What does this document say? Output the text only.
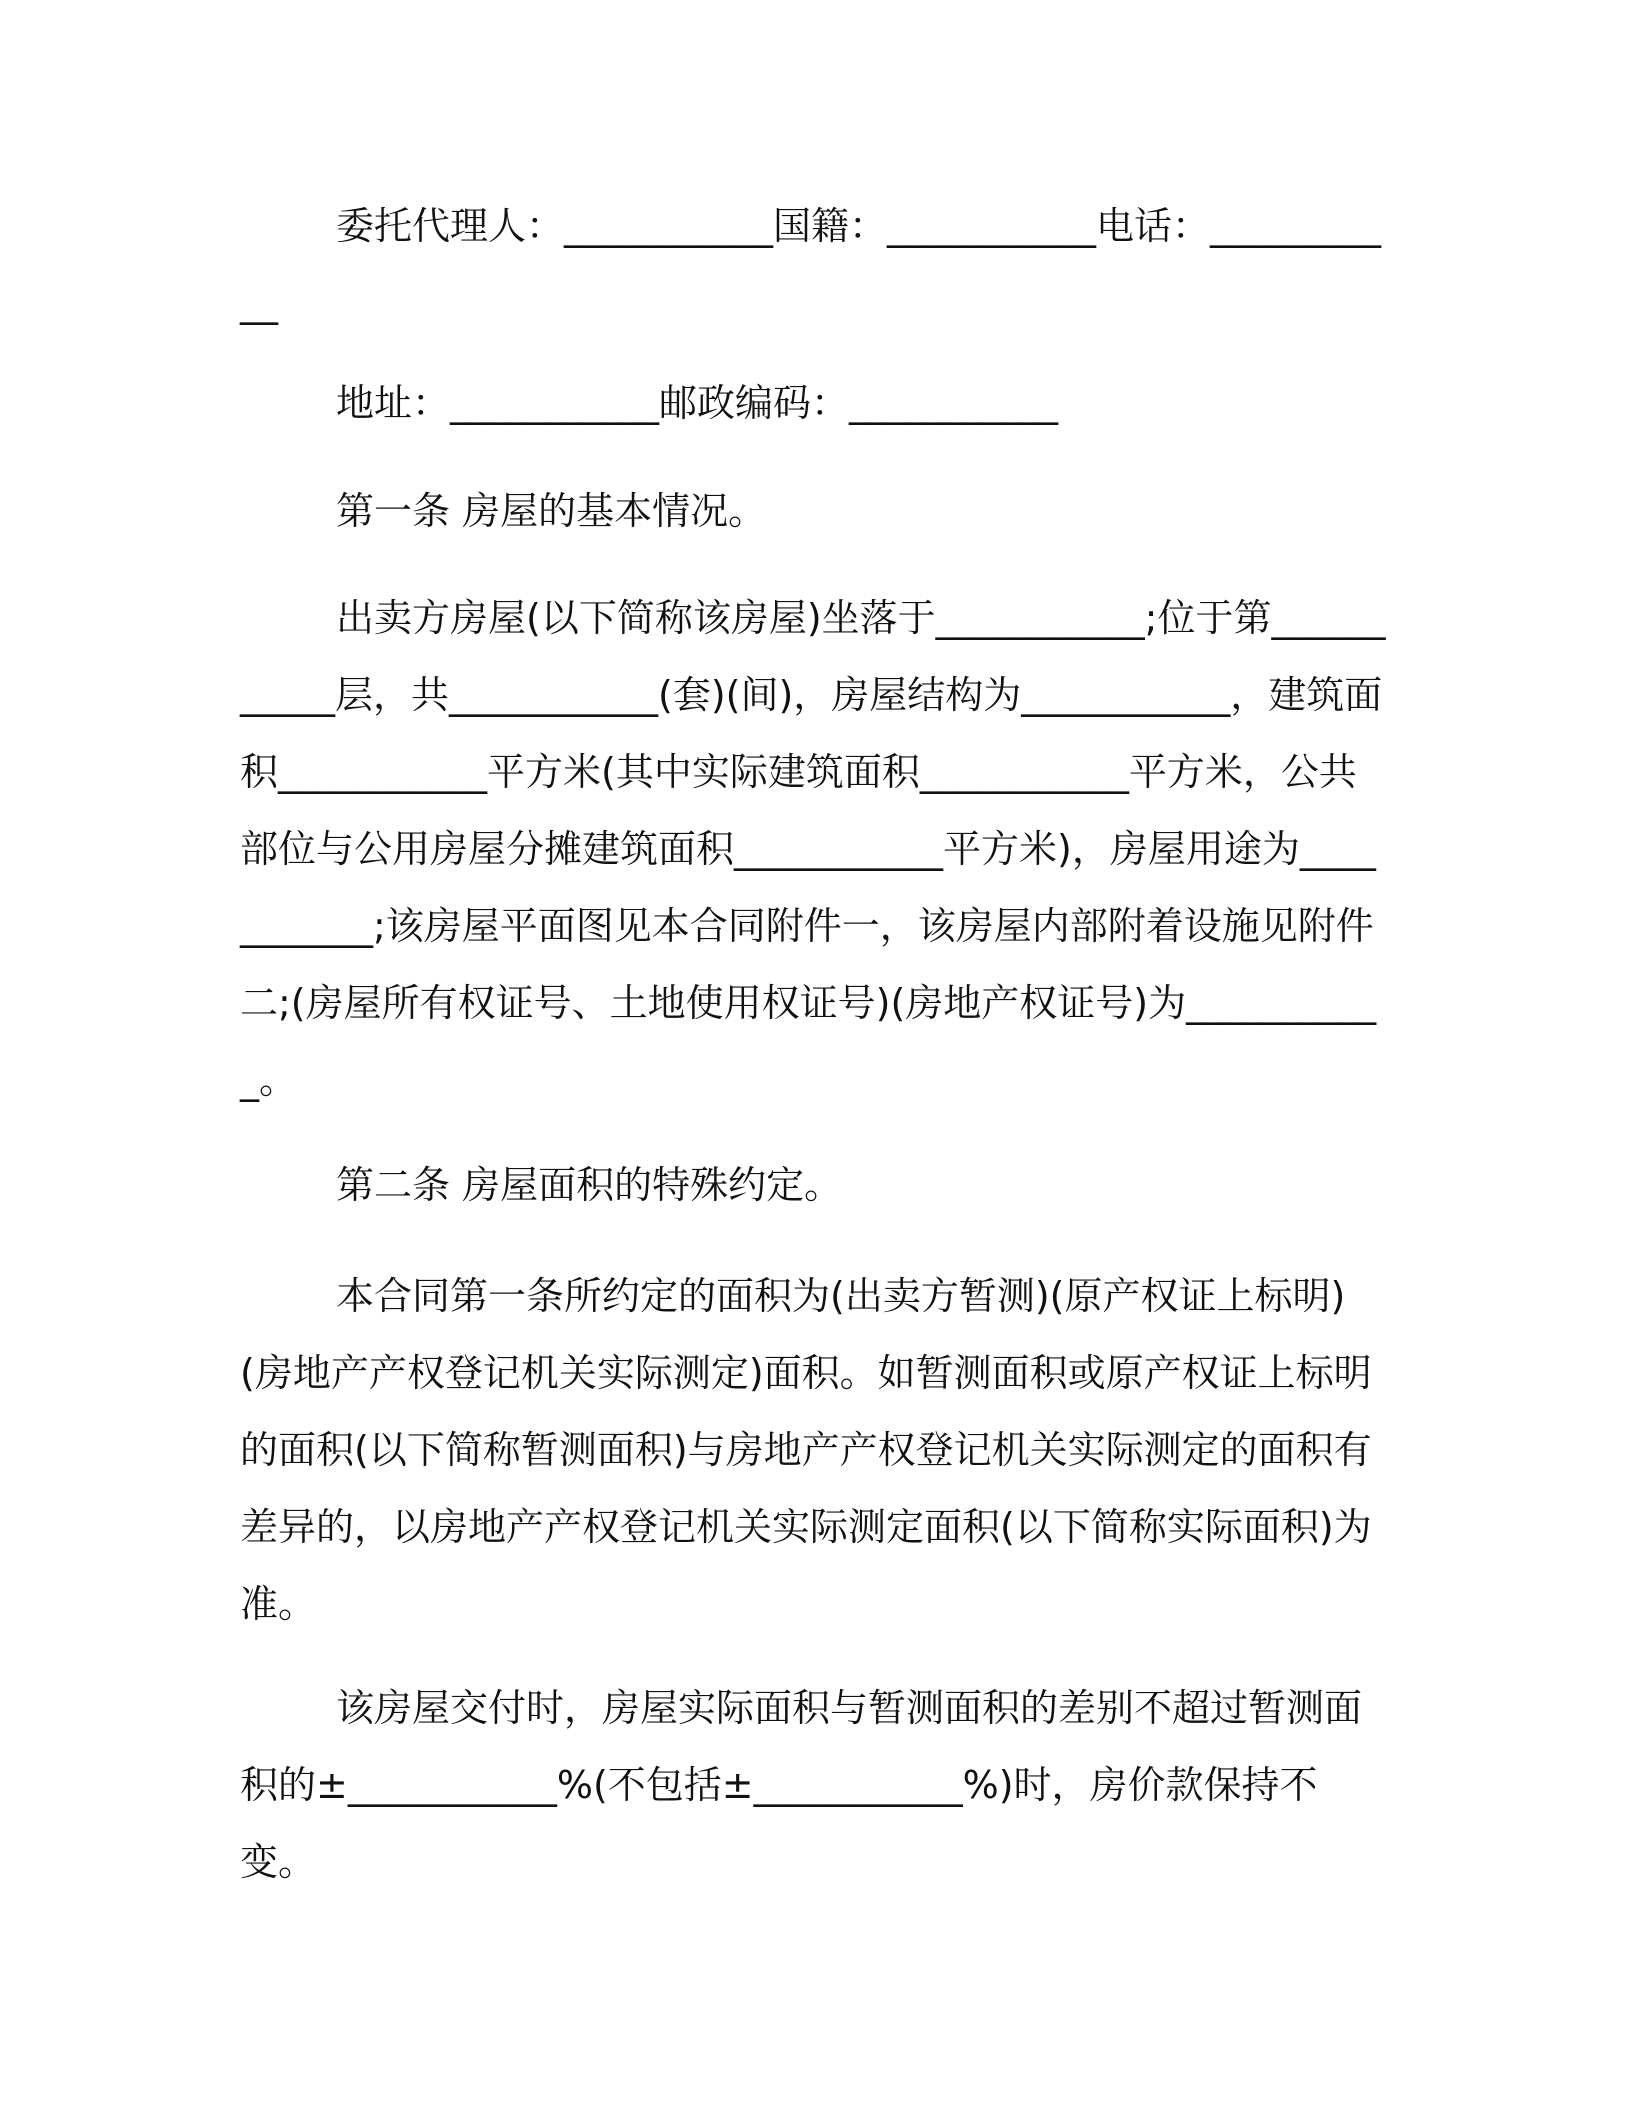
委托代理人：___________国籍：___________电话：___________

地址：___________邮政编码：___________

第一条 房屋的基本情况。

出卖方房屋(以下简称该房屋)坐落于___________;位于第___________层，共___________(套)(间)，房屋结构为___________，建筑面积___________平方米(其中实际建筑面积___________平方米，公共部位与公用房屋分摊建筑面积___________平方米)，房屋用途为___________;该房屋平面图见本合同附件一，该房屋内部附着设施见附件二;(房屋所有权证号、土地使用权证号)(房地产权证号)为___________。

第二条 房屋面积的特殊约定。

本合同第一条所约定的面积为(出卖方暂测)(原产权证上标明)(房地产产权登记机关实际测定)面积。如暂测面积或原产权证上标明的面积(以下简称暂测面积)与房地产产权登记机关实际测定的面积有差异的，以房地产产权登记机关实际测定面积(以下简称实际面积)为准。

该房屋交付时，房屋实际面积与暂测面积的差别不超过暂测面积的±___________%(不包括±___________%)时，房价款保持不变。
